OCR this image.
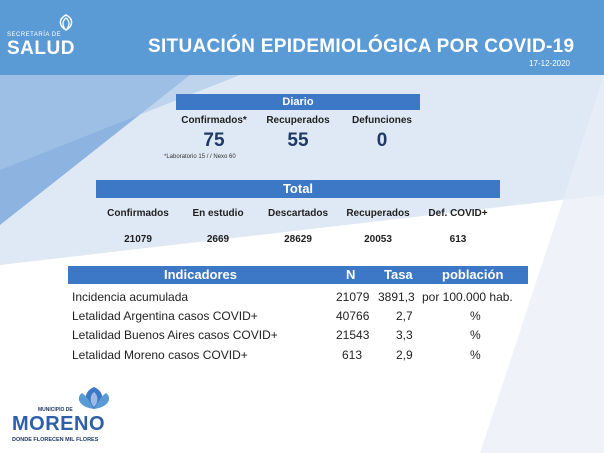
SECRETARÍA DE
SALUD	SITUACIÓN EPIDEMIOLÓGICA POR COVID-19
17-12-2020
Diario
Confirmados*	Recuperados	Defunciones
75	55	0
*Laboratorio 15 / / Nexo 60
Total
Confirmados	En estudio	Descartados	Recuperados	Def. COVID+
21079	2669	28629	20053	613
Indicadores	N Tasa población
Incidencia acumulada	21079 3891,3 por 100.000 hab.
Letalidad Argentina casos COVID+	40766 2,7	%
Letalidad Buenos Aires casos COVID+	21543 3,3	%
Letalidad Moreno casos COVID+	613	2,9	%
MUNICIPIO DE
MORENO
DONDE FLORECEN MIL FLORES
